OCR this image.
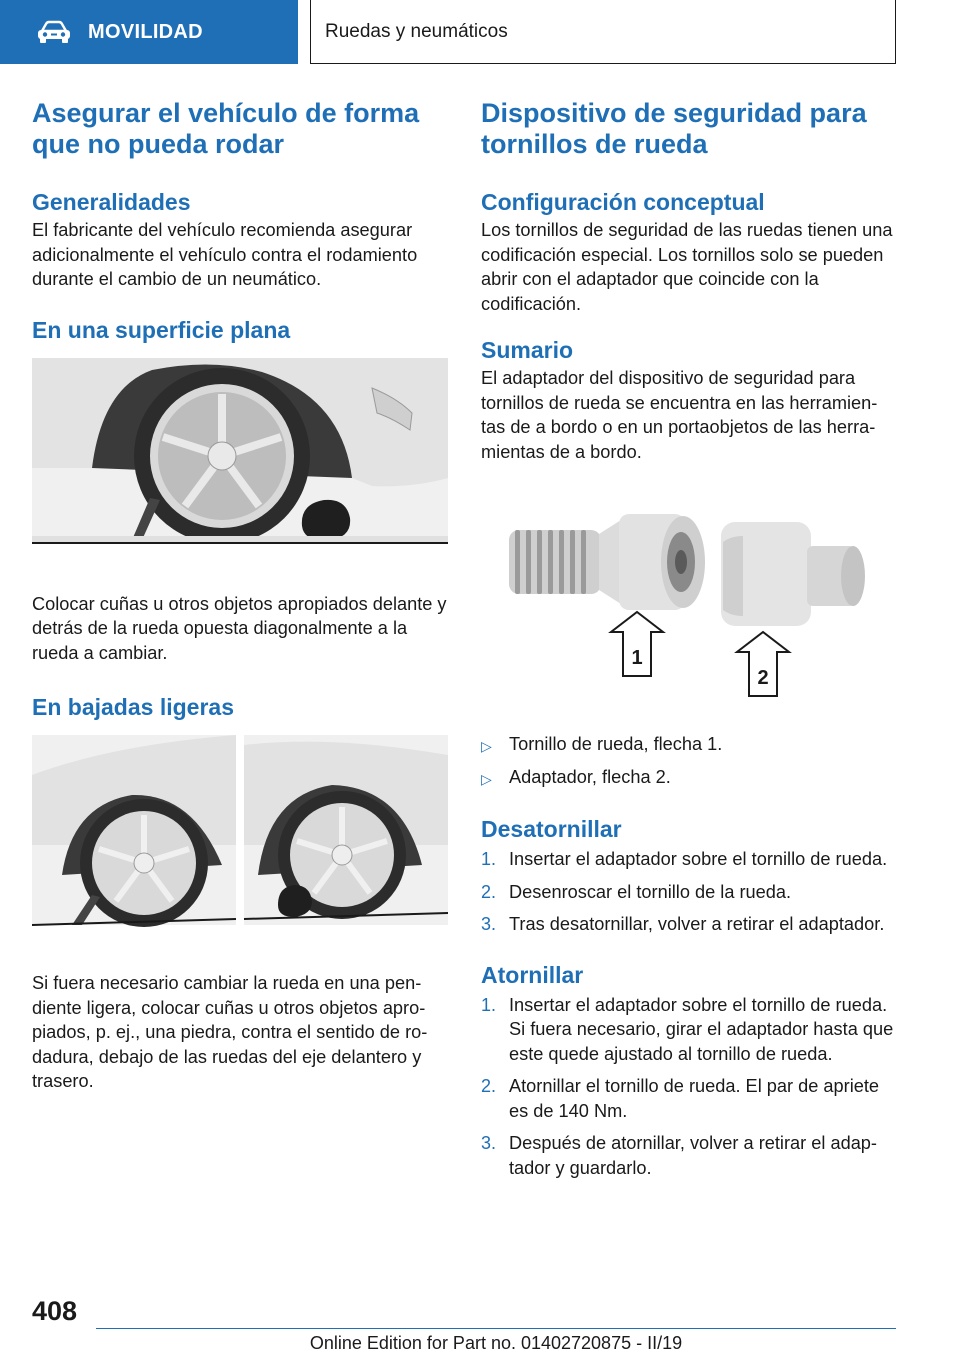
MOVILIDAD	Ruedas y neumáticos
Asegurar el vehículo de forma que no pueda rodar
Generalidades

El fabricante del vehículo recomienda asegurar adicionalmente el vehículo contra el rodamiento durante el cambio de un neumático.

En una superficie plana

Colocar cuñas u otros objetos apropiados delante y detrás de la rueda opuesta diagonalmente a la rueda a cambiar.

En bajadas ligeras

Si fuera necesario cambiar la rueda en una pendiente ligera, colocar cuñas u otros objetos apropiados, p. ej., una piedra, contra el sentido de rodadura, debajo de las ruedas del eje delantero y trasero.

Dispositivo de seguridad para tornillos de rueda
Configuración conceptual

Los tornillos de seguridad de las ruedas tienen una codificación especial. Los tornillos solo se pueden abrir con el adaptador que coincide con la codificación.

Sumario

El adaptador del dispositivo de seguridad para tornillos de rueda se encuentra en las herramientas de a bordo o en un portaobjetos de las herramientas de a bordo.

1
2
▷ Tornillo de rueda, flecha 1.
▷ Adaptador, flecha 2.
Desatornillar
1. Insertar el adaptador sobre el tornillo de rueda.
2. Desenroscar el tornillo de la rueda.
3. Tras desatornillar, volver a retirar el adaptador.
Atornillar
1. Insertar el adaptador sobre el tornillo de rueda. Si fuera necesario, girar el adaptador hasta que este quede ajustado al tornillo de rueda.
2. Atornillar el tornillo de rueda. El par de apriete es de 140 Nm.
3. Después de atornillar, volver a retirar el adaptador y guardarlo.
408
Online Edition for Part no. 01402720875 - II/19
